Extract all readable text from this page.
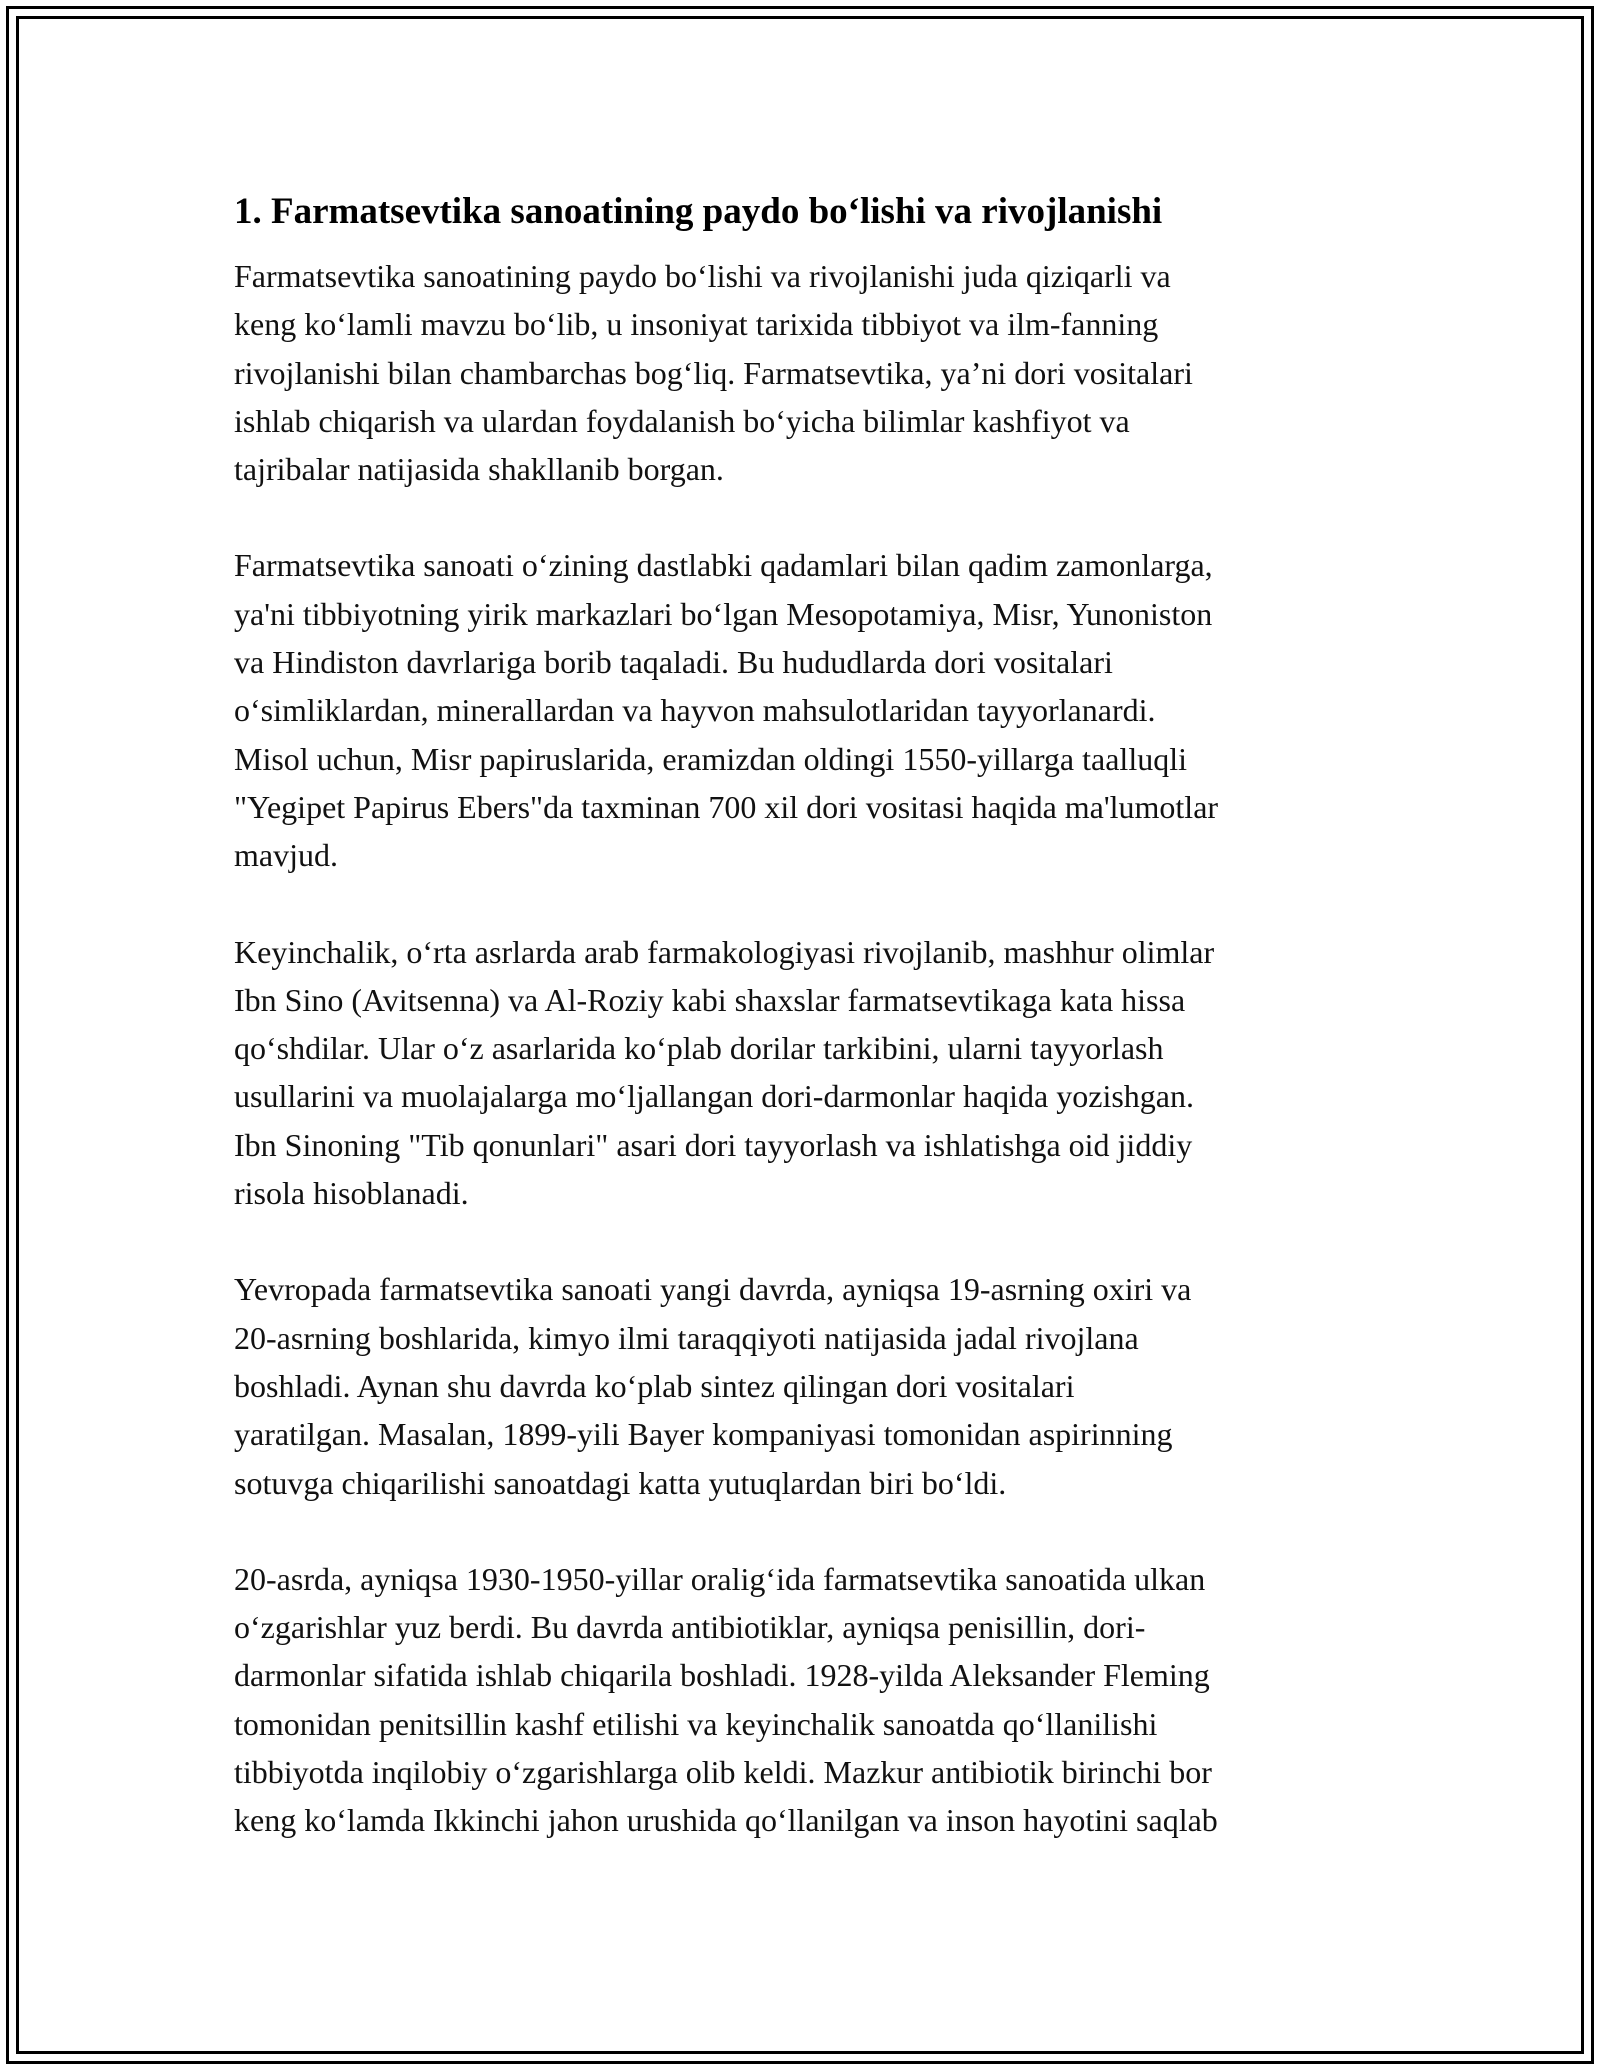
1. Farmatsevtika sanoatining paydo bo‘lishi va rivojlanishi

Farmatsevtika sanoatining paydo bo‘lishi va rivojlanishi juda qiziqarli va
keng ko‘lamli mavzu bo‘lib, u insoniyat tarixida tibbiyot va ilm-fanning
rivojlanishi bilan chambarchas bog‘liq. Farmatsevtika, ya’ni dori vositalari
ishlab chiqarish va ulardan foydalanish bo‘yicha bilimlar kashfiyot va
tajribalar natijasida shakllanib borgan.

Farmatsevtika sanoati o‘zining dastlabki qadamlari bilan qadim zamonlarga,
ya'ni tibbiyotning yirik markazlari bo‘lgan Mesopotamiya, Misr, Yunoniston
va Hindiston davrlariga borib taqaladi. Bu hududlarda dori vositalari
o‘simliklardan, minerallardan va hayvon mahsulotlaridan tayyorlanardi.
Misol uchun, Misr papiruslarida, eramizdan oldingi 1550-yillarga taalluqli
"Yegipet Papirus Ebers"da taxminan 700 xil dori vositasi haqida ma'lumotlar
mavjud.

Keyinchalik, o‘rta asrlarda arab farmakologiyasi rivojlanib, mashhur olimlar
Ibn Sino (Avitsenna) va Al-Roziy kabi shaxslar farmatsevtikaga kata hissa
qo‘shdilar. Ular o‘z asarlarida ko‘plab dorilar tarkibini, ularni tayyorlash
usullarini va muolajalarga mo‘ljallangan dori-darmonlar haqida yozishgan.
Ibn Sinoning "Tib qonunlari" asari dori tayyorlash va ishlatishga oid jiddiy
risola hisoblanadi.

Yevropada farmatsevtika sanoati yangi davrda, ayniqsa 19-asrning oxiri va
20-asrning boshlarida, kimyo ilmi taraqqiyoti natijasida jadal rivojlana
boshladi. Aynan shu davrda ko‘plab sintez qilingan dori vositalari
yaratilgan. Masalan, 1899-yili Bayer kompaniyasi tomonidan aspirinning
sotuvga chiqarilishi sanoatdagi katta yutuqlardan biri bo‘ldi.

20-asrda, ayniqsa 1930-1950-yillar oralig‘ida farmatsevtika sanoatida ulkan
o‘zgarishlar yuz berdi. Bu davrda antibiotiklar, ayniqsa penisillin, dori-
darmonlar sifatida ishlab chiqarila boshladi. 1928-yilda Aleksander Fleming
tomonidan penitsillin kashf etilishi va keyinchalik sanoatda qo‘llanilishi
tibbiyotda inqilobiy o‘zgarishlarga olib keldi. Mazkur antibiotik birinchi bor
keng ko‘lamda Ikkinchi jahon urushida qo‘llanilgan va inson hayotini saqlab
